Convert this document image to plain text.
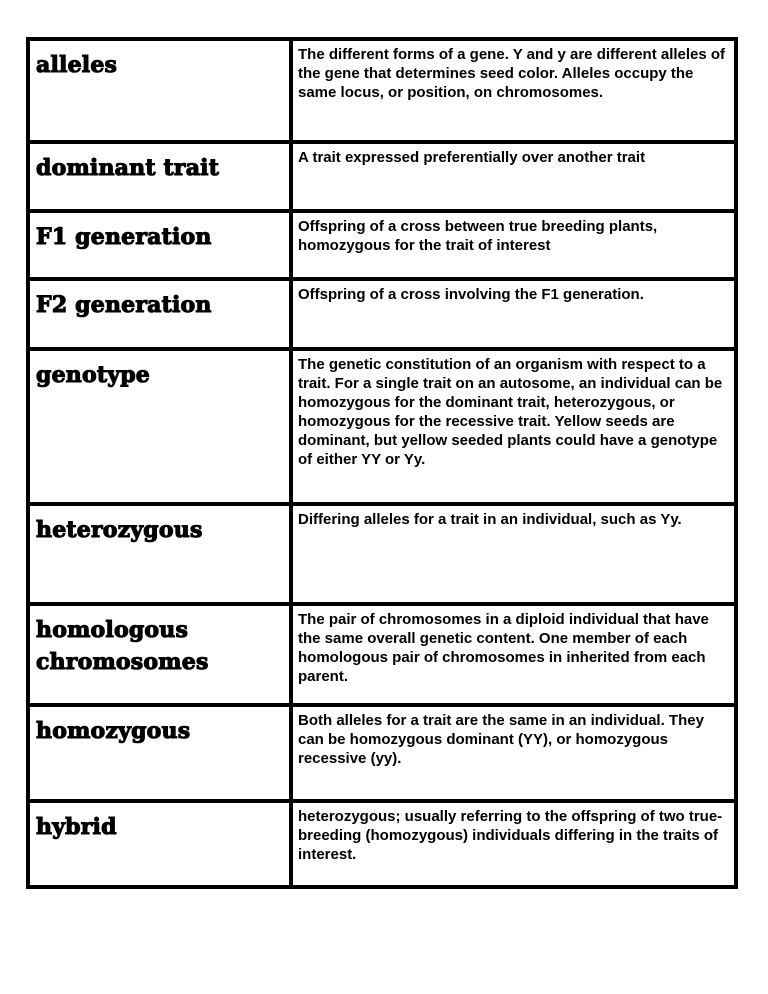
alleles	The different forms of a gene. Y and y are different alleles of the gene that determines seed color. Alleles occupy the same locus, or position, on chromosomes.

dominant trait	A trait expressed preferentially over another trait

F1 generation	Offspring of a cross between true breeding plants, homozygous for the trait of interest

F2 generation	Offspring of a cross involving the F1 generation.

genotype	The genetic constitution of an organism with respect to a trait. For a single trait on an autosome, an individual can be homozygous for the dominant trait, heterozygous, or homozygous for the recessive trait. Yellow seeds are dominant, but yellow seeded plants could have a genotype of either YY or Yy.

heterozygous	Differing alleles for a trait in an individual, such as Yy.

homologous chromosomes	The pair of chromosomes in a diploid individual that have the same overall genetic content. One member of each homologous pair of chromosomes in inherited from each parent.

homozygous	Both alleles for a trait are the same in an individual. They can be homozygous dominant (YY), or homozygous recessive (yy).

hybrid	heterozygous; usually referring to the offspring of two true-breeding (homozygous) individuals differing in the traits of interest.
